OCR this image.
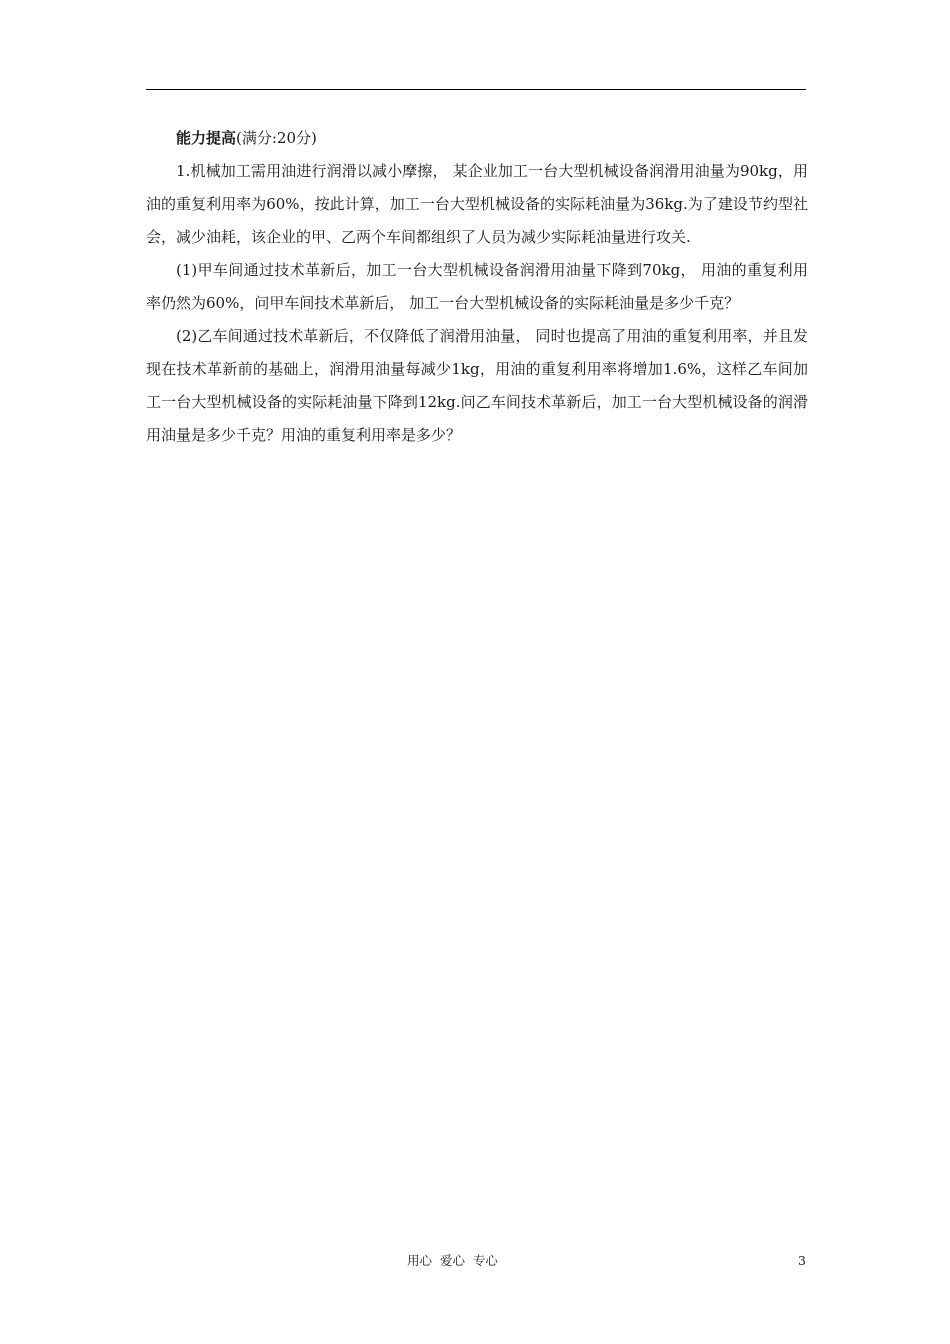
能力提高(满分:20分)

1.机械加工需用油进行润滑以减小摩擦， 某企业加工一台大型机械设备润滑用油量为90kg，用油的重复利用率为60%，按此计算，加工一台大型机械设备的实际耗油量为36kg.为了建设节约型社会，减少油耗，该企业的甲、乙两个车间都组织了人员为减少实际耗油量进行攻关.

(1)甲车间通过技术革新后，加工一台大型机械设备润滑用油量下降到70kg， 用油的重复利用率仍然为60%，问甲车间技术革新后， 加工一台大型机械设备的实际耗油量是多少千克？

(2)乙车间通过技术革新后，不仅降低了润滑用油量， 同时也提高了用油的重复利用率，并且发现在技术革新前的基础上，润滑用油量每减少1kg，用油的重复利用率将增加1.6%，这样乙车间加工一台大型机械设备的实际耗油量下降到12kg.问乙车间技术革新后，加工一台大型机械设备的润滑用油量是多少千克？用油的重复利用率是多少？

用心  爱心  专心	3
